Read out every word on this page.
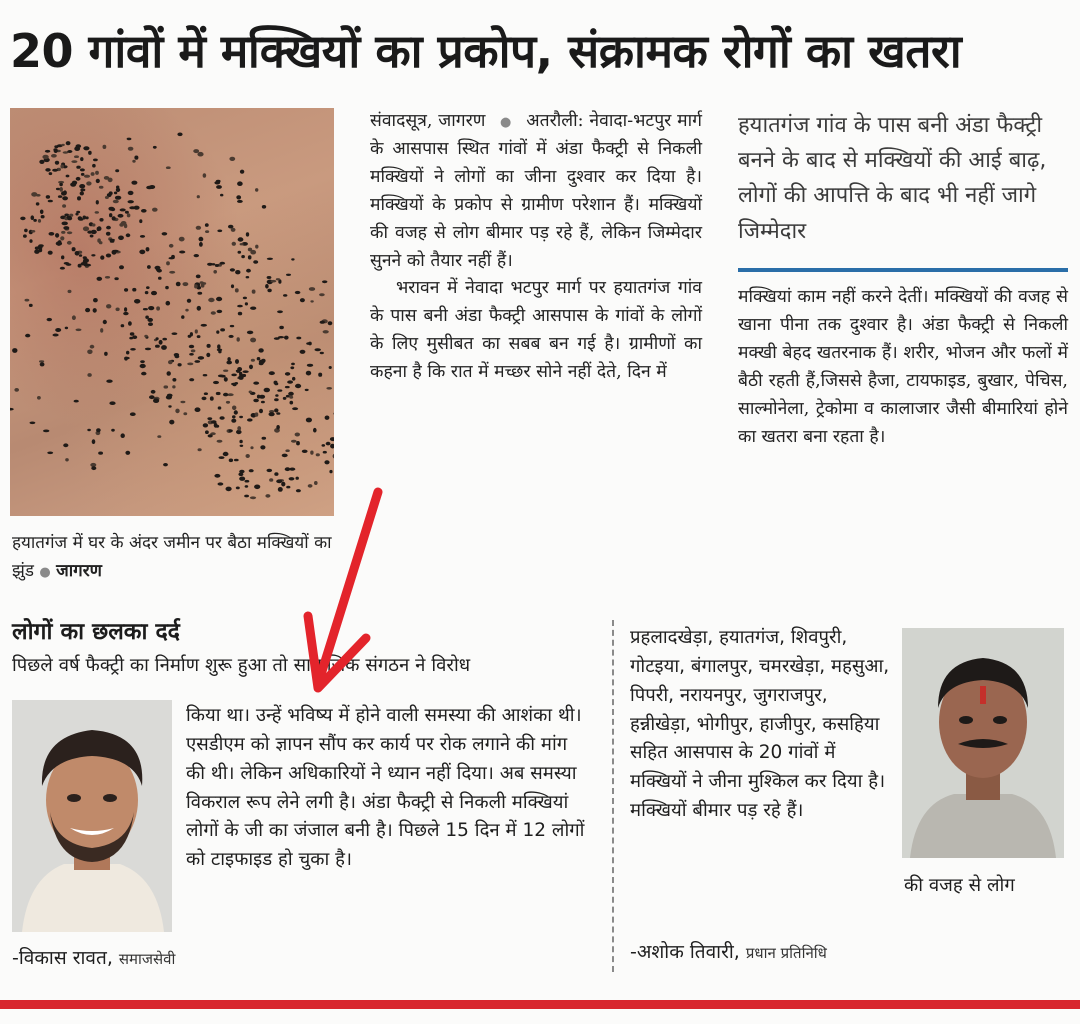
20 गांवों में मक्खियों का प्रकोप, संक्रामक रोगों का खतरा

हयातगंज में घर के अंदर जमीन पर बैठा मक्खियों का झुंड ● जागरण

संवादसूत्र, जागरण   ●   अतरौली: नेवादा-भटपुर मार्ग के आसपास स्थित गांवों में अंडा फैक्ट्री से निकली मक्खियों ने लोगों का जीना दुश्वार कर दिया है। मक्खियों के प्रकोप से ग्रामीण परेशान हैं। मक्खियों की वजह से लोग बीमार पड़ रहे हैं, लेकिन जिम्मेदार सुनने को तैयार नहीं हैं।

भरावन में नेवादा भटपुर मार्ग पर हयातगंज गांव के पास बनी अंडा फैक्ट्री आसपास के गांवों के लोगों के लिए मुसीबत का सबब बन गई है। ग्रामीणों का कहना है कि रात में मच्छर सोने नहीं देते, दिन में

हयातगंज गांव के पास बनी अंडा फैक्ट्री बनने के बाद से मक्खियों की आई बाढ़, लोगों की आपत्ति के बाद भी नहीं जागे जिम्मेदार

मक्खियां काम नहीं करने देतीं। मक्खियों की वजह से खाना पीना तक दुश्वार है। अंडा फैक्ट्री से निकली मक्खी बेहद खतरनाक हैं। शरीर, भोजन और फलों में बैठी रहती हैं,जिससे हैजा, टायफाइड, बुखार, पेचिस, साल्मोनेला, ट्रेकोमा व कालाजार जैसी बीमारियां होने का खतरा बना रहता है।

लोगों का छलका दर्द

पिछले वर्ष फैक्ट्री का निर्माण शुरू हुआ तो सामाजिक संगठन ने विरोध

किया था। उन्हें भविष्य में होने वाली समस्या की आशंका थी। एसडीएम को ज्ञापन सौंप कर कार्य पर रोक लगाने की मांग की थी। लेकिन अधिकारियों ने ध्यान नहीं दिया। अब समस्या विकराल रूप लेने लगी है। अंडा फैक्ट्री से निकली मक्खियां लोगों के जी का जंजाल बनी है। पिछले 15 दिन में 12 लोगों को टाइफाइड हो चुका है।

-विकास रावत, समाजसेवी

प्रहलादखेड़ा, हयातगंज, शिवपुरी, गोटइया, बंगालपुर, चमरखेड़ा, महसुआ, पिपरी, नरायनपुर, जुगराजपुर, हन्नीखेड़ा, भोगीपुर, हाजीपुर, कसहिया सहित आसपास के 20 गांवों में मक्खियों ने जीना मुश्किल कर दिया है। मक्खियों बीमार पड़ रहे हैं।

की वजह से लोग

-अशोक तिवारी, प्रधान प्रतिनिधि
